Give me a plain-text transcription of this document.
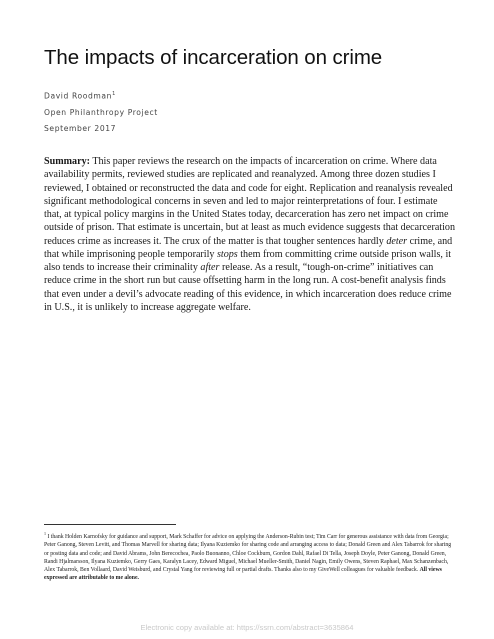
The impacts of incarceration on crime
David Roodman$^1$
Open Philanthropy Project
September 2017

Summary: This paper reviews the research on the impacts of incarceration on crime. Where data availability permits, reviewed studies are replicated and reanalyzed. Among three dozen studies I reviewed, I obtained or reconstructed the data and code for eight. Replication and reanalysis revealed significant methodological concerns in seven and led to major reinterpretations of four. I estimate that, at typical policy margins in the United States today, decarceration has zero net impact on crime outside of prison. That estimate is uncertain, but at least as much evidence suggests that decarceration reduces crime as increases it. The crux of the matter is that tougher sentences hardly deter crime, and that while imprisoning people temporarily stops them from committing crime outside prison walls, it also tends to increase their criminality after release. As a result, “tough-on-crime” initiatives can reduce crime in the short run but cause offsetting harm in the long run. A cost-benefit analysis finds that even under a devil’s advocate reading of this evidence, in which incarceration does reduce crime in U.S., it is unlikely to increase aggregate welfare.

$^1$ I thank Holden Karnofsky for guidance and support, Mark Schaffer for advice on applying the Anderson-Rubin test; Tim Carr for generous assistance with data from Georgia; Peter Ganong, Steven Levitt, and Thomas Marvell for sharing data; Ilyana Kuziemko for sharing code and arranging access to data; Donald Green and Alex Tabarrok for sharing or posting data and code; and David Abrams, John Berecochea, Paolo Buonanno, Chloe Cockburn, Gordon Dahl, Rafael Di Tella, Joseph Doyle, Peter Ganong, Donald Green, Randi Hjalmarsson, Ilyana Kuziemko, Gerry Gaes, Karalyn Lacey, Edward Miguel, Michael Mueller-Smith, Daniel Nagin, Emily Owens, Steven Raphael, Max Schanzenbach, Alex Tabarrok, Ben Vollaard, David Weisburd, and Crystal Yang for reviewing full or partial drafts. Thanks also to my GiveWell colleagues for valuable feedback. All views expressed are attributable to me alone.

Electronic copy available at: https://ssrn.com/abstract=3635864
